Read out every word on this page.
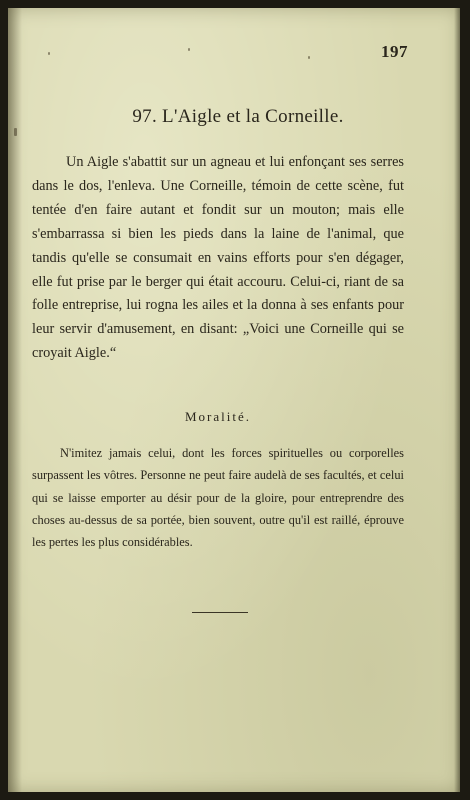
197
97. L'Aigle et la Corneille.
Un Aigle s'abattit sur un agneau et lui enfonçant ses serres dans le dos, l'enleva. Une Corneille, témoin de cette scène, fut tentée d'en faire autant et fondit sur un mouton; mais elle s'embarrassa si bien les pieds dans la laine de l'animal, que tandis qu'elle se consumait en vains efforts pour s'en dégager, elle fut prise par le berger qui était accouru. Celui-ci, riant de sa folle entreprise, lui rogna les ailes et la donna à ses enfants pour leur servir d'amusement, en disant: „Voici une Corneille qui se croyait Aigle.“
Moralité.
N'imitez jamais celui, dont les forces spirituelles ou corporelles surpassent les vôtres. Personne ne peut faire audelà de ses facultés, et celui qui se laisse emporter au désir pour de la gloire, pour entreprendre des choses au-dessus de sa portée, bien souvent, outre qu'il est raillé, éprouve les pertes les plus considérables.
